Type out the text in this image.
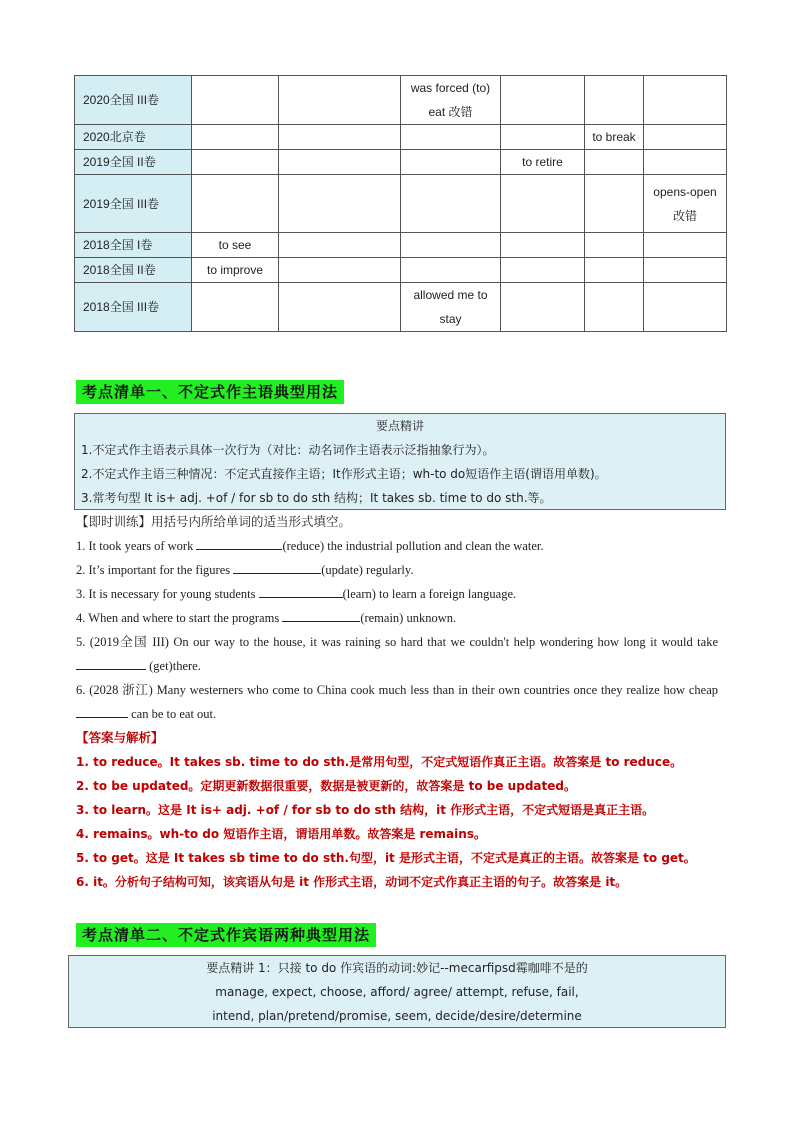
2020全国 III卷			was forced (to) eat 改错			
2020北京卷					to break	
2019全国 II卷				to retire		
2019全国 III卷						opens-open 改错
2018全国 I卷	to see					
2018全国 II卷	to improve					
2018全国 III卷			allowed me to stay			
考点清单一、不定式作主语典型用法
要点精讲
1.不定式作主语表示具体一次行为（对比：动名词作主语表示泛指抽象行为）。
2.不定式作主语三种情况：不定式直接作主语；It作形式主语；wh-to do短语作主语(谓语用单数)。
3.常考句型 It is+ adj. +of / for sb to do sth 结构；It takes sb. time to do sth.等。
【即时训练】用括号内所给单词的适当形式填空。
1. It took years of work	(reduce) the industrial pollution and clean the water.
2. It’s important for the figures	(update) regularly.
3. It is necessary for young students	(learn) to learn a foreign language.
4. When and where to start the programs	(remain) unknown.
5. (2019全国 III) On our way to the house, it was raining so hard that we couldn't help wondering how long it would take  (get)there.
6. (2028 浙江) Many westerners who come to China cook much less than in their own countries once they realize how cheap  can be to eat out.
【答案与解析】
1. to reduce。It takes sb. time to do sth.是常用句型，不定式短语作真正主语。故答案是 to reduce。
2. to be updated。定期更新数据很重要，数据是被更新的，故答案是 to be updated。
3. to learn。这是 It is+ adj. +of / for sb to do sth 结构，it 作形式主语，不定式短语是真正主语。
4. remains。wh-to do 短语作主语，谓语用单数。故答案是 remains。
5. to get。这是 It takes sb time to do sth.句型，it 是形式主语，不定式是真正的主语。故答案是 to get。
6. it。分析句子结构可知，该宾语从句是 it 作形式主语，动词不定式作真正主语的句子。故答案是 it。
考点清单二、不定式作宾语两种典型用法
要点精讲 1：只接 to do 作宾语的动词:妙记--mecarfipsd霉咖啡不是的
manage, expect, choose, afford/ agree/ attempt, refuse, fail,
intend, plan/pretend/promise, seem, decide/desire/determine
